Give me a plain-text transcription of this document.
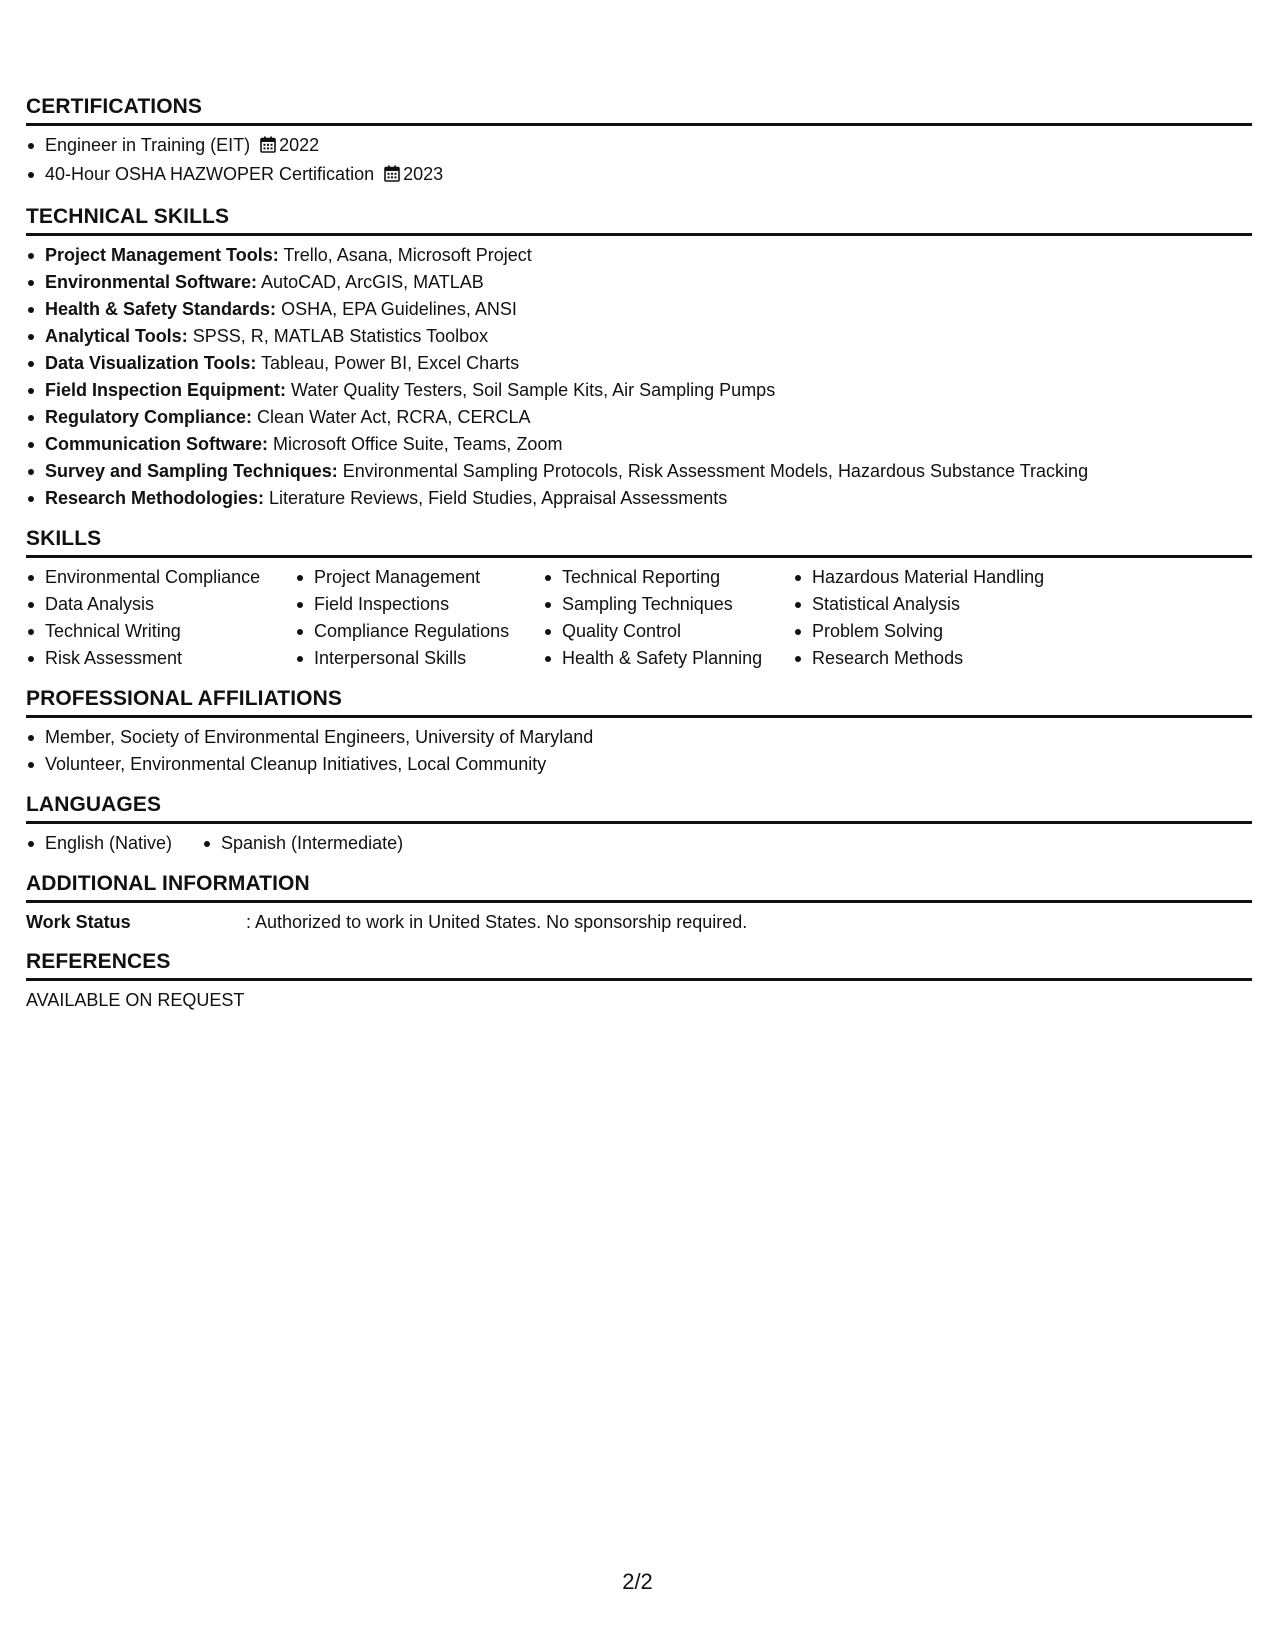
CERTIFICATIONS
Engineer in Training (EIT) 2022
40-Hour OSHA HAZWOPER Certification 2023
TECHNICAL SKILLS
Project Management Tools: Trello, Asana, Microsoft Project
Environmental Software: AutoCAD, ArcGIS, MATLAB
Health & Safety Standards: OSHA, EPA Guidelines, ANSI
Analytical Tools: SPSS, R, MATLAB Statistics Toolbox
Data Visualization Tools: Tableau, Power BI, Excel Charts
Field Inspection Equipment: Water Quality Testers, Soil Sample Kits, Air Sampling Pumps
Regulatory Compliance: Clean Water Act, RCRA, CERCLA
Communication Software: Microsoft Office Suite, Teams, Zoom
Survey and Sampling Techniques: Environmental Sampling Protocols, Risk Assessment Models, Hazardous Substance Tracking
Research Methodologies: Literature Reviews, Field Studies, Appraisal Assessments
SKILLS
Environmental Compliance
Data Analysis
Technical Writing
Risk Assessment
Project Management
Field Inspections
Compliance Regulations
Interpersonal Skills
Technical Reporting
Sampling Techniques
Quality Control
Health & Safety Planning
Hazardous Material Handling
Statistical Analysis
Problem Solving
Research Methods
PROFESSIONAL AFFILIATIONS
Member, Society of Environmental Engineers, University of Maryland
Volunteer, Environmental Cleanup Initiatives, Local Community
LANGUAGES
English (Native)	Spanish (Intermediate)
ADDITIONAL INFORMATION
Work Status	: Authorized to work in United States. No sponsorship required.
REFERENCES

AVAILABLE ON REQUEST

2/2
